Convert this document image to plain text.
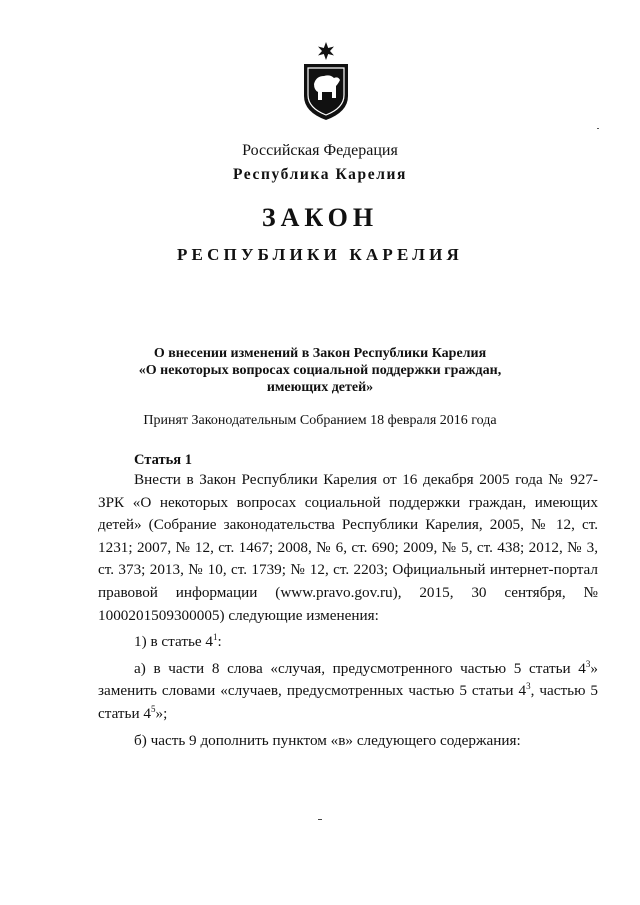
Российская Федерация
Республика Карелия
ЗАКОН
РЕСПУБЛИКИ КАРЕЛИЯ
О внесении изменений в Закон Республики Карелия
«О некоторых вопросах социальной поддержки граждан,
имеющих детей»
Принят Законодательным Собранием 18 февраля 2016 года
Статья 1

Внести в Закон Республики Карелия от 16 декабря 2005 года № 927-ЗРК «О некоторых вопросах социальной поддержки граждан, имеющих детей» (Собрание законодательства Республики Карелия, 2005, № 12, ст. 1231; 2007, № 12, ст. 1467; 2008, № 6, ст. 690; 2009, № 5, ст. 438; 2012, № 3, ст. 373; 2013, № 10, ст. 1739; № 12, ст. 2203; Официальный интернет-портал правовой информации (www.pravo.gov.ru), 2015, 30 сентября, № 1000201509300005) следующие изменения:

1) в статье $4^1$:

а) в части 8 слова «случая, предусмотренного частью 5 статьи $4^3$» заменить словами «случаев, предусмотренных частью 5 статьи $4^3$, частью 5 статьи $4^5$»;

б) часть 9 дополнить пунктом «в» следующего содержания:
